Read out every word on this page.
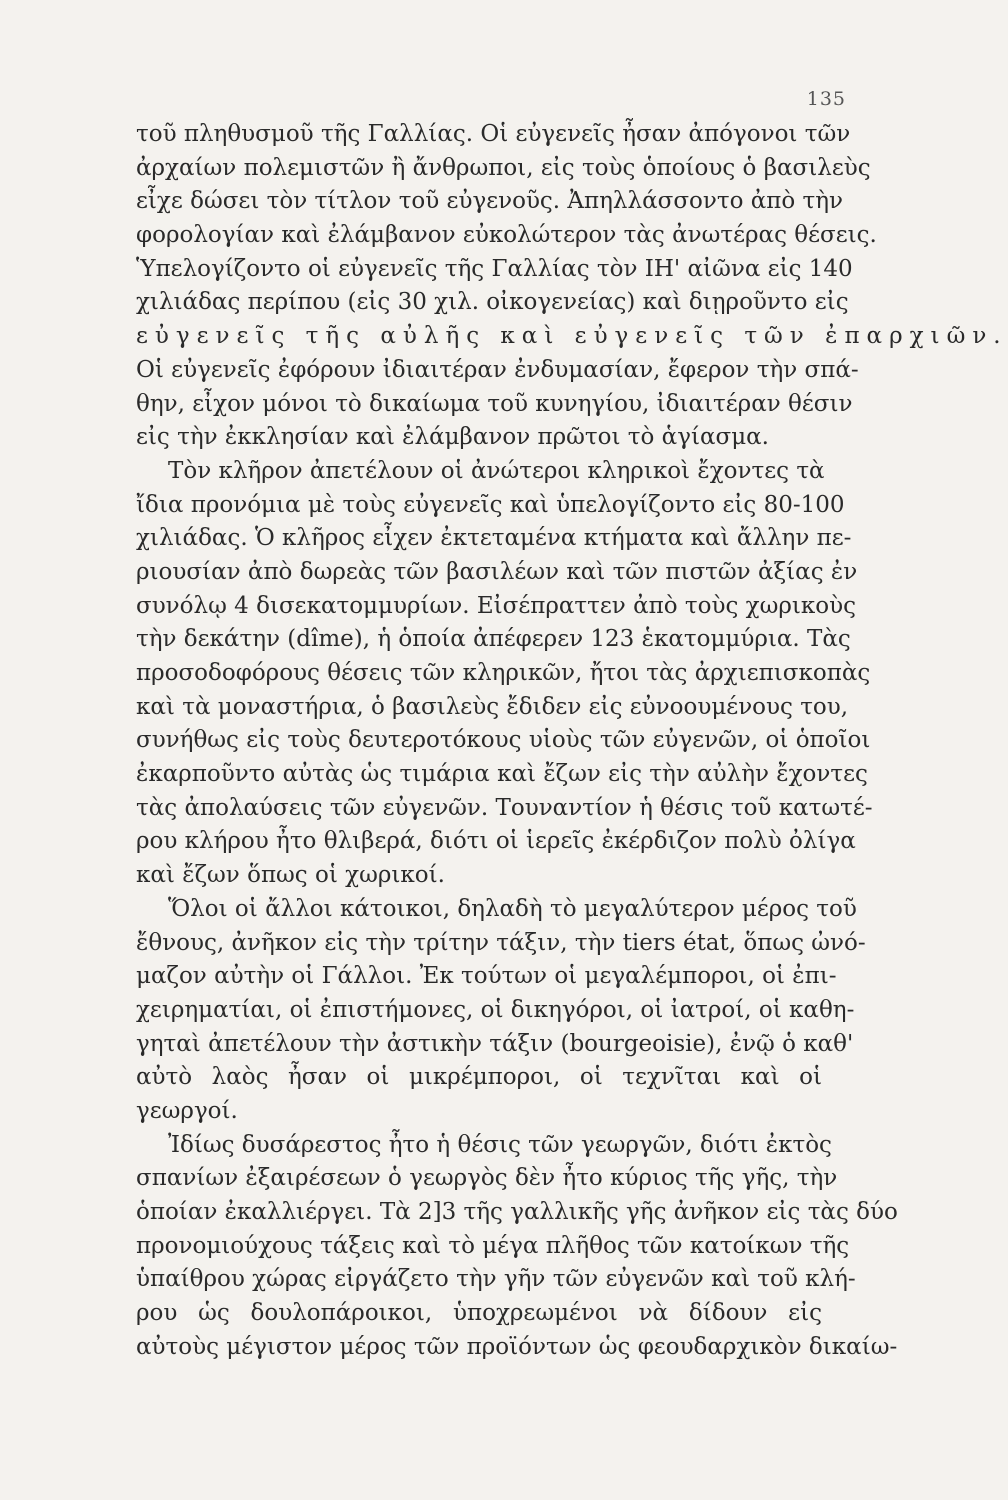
135
τοῦ πληθυσμοῦ τῆς Γαλλίας. Οἱ εὐγενεῖς ἦσαν ἀπόγονοι τῶν
ἀρχαίων πολεμιστῶν ἢ ἄνθρωποι, εἰς τοὺς ὁποίους ὁ βασιλεὺς
εἶχε δώσει τὸν τίτλον τοῦ εὐγενοῦς. Ἀπηλλάσσοντο ἀπὸ τὴν
φορολογίαν καὶ ἐλάμβανον εὐκολώτερον τὰς ἀνωτέρας θέσεις.
Ὑπελογίζοντο οἱ εὐγενεῖς τῆς Γαλλίας τὸν ΙΗ' αἰῶνα εἰς 140
χιλιάδας περίπου (εἰς 30 χιλ. οἰκογενείας) καὶ διῃροῦντο εἰς
εὐγενεῖς τῆς αὐλῆς καὶ εὐγενεῖς τῶν ἐπαρχιῶν.
Οἱ εὐγενεῖς ἐφόρουν ἰδιαιτέραν ἐνδυμασίαν, ἔφερον τὴν σπά-
θην, εἶχον μόνοι τὸ δικαίωμα τοῦ κυνηγίου, ἰδιαιτέραν θέσιν
εἰς τὴν ἐκκλησίαν καὶ ἐλάμβανον πρῶτοι τὸ ἁγίασμα.
Τὸν κλῆρον ἀπετέλουν οἱ ἀνώτεροι κληρικοὶ ἔχοντες τὰ
ἴδια προνόμια μὲ τοὺς εὐγενεῖς καὶ ὑπελογίζοντο εἰς 80-100
χιλιάδας. Ὁ κλῆρος εἶχεν ἐκτεταμένα κτήματα καὶ ἄλλην πε-
ριουσίαν ἀπὸ δωρεὰς τῶν βασιλέων καὶ τῶν πιστῶν ἀξίας ἐν
συνόλῳ 4 δισεκατομμυρίων. Εἰσέπραττεν ἀπὸ τοὺς χωρικοὺς
τὴν δεκάτην (dîme), ἡ ὁποία ἀπέφερεν 123 ἑκατομμύρια. Τὰς
προσοδοφόρους θέσεις τῶν κληρικῶν, ἤτοι τὰς ἀρχιεπισκοπὰς
καὶ τὰ μοναστήρια, ὁ βασιλεὺς ἔδιδεν εἰς εὐνοουμένους του,
συνήθως εἰς τοὺς δευτεροτόκους υἱοὺς τῶν εὐγενῶν, οἱ ὁποῖοι
ἐκαρποῦντο αὐτὰς ὡς τιμάρια καὶ ἔζων εἰς τὴν αὐλὴν ἔχοντες
τὰς ἀπολαύσεις τῶν εὐγενῶν. Τουναντίον ἡ θέσις τοῦ κατωτέ-
ρου κλήρου ἦτο θλιβερά, διότι οἱ ἱερεῖς ἐκέρδιζον πολὺ ὀλίγα
καὶ ἔζων ὅπως οἱ χωρικοί.
Ὅλοι οἱ ἄλλοι κάτοικοι, δηλαδὴ τὸ μεγαλύτερον μέρος τοῦ
ἔθνους, ἀνῆκον εἰς τὴν τρίτην τάξιν, τὴν tiers état, ὅπως ὠνό-
μαζον αὐτὴν οἱ Γάλλοι. Ἐκ τούτων οἱ μεγαλέμποροι, οἱ ἐπι-
χειρηματίαι, οἱ ἐπιστήμονες, οἱ δικηγόροι, οἱ ἰατροί, οἱ καθη-
γηταὶ ἀπετέλουν τὴν ἀστικὴν τάξιν (bourgeoisie), ἐνῷ ὁ καθ'
αὐτὸ λαὸς ἦσαν οἱ μικρέμποροι, οἱ τεχνῖται καὶ οἱ
γεωργοί.
Ἰδίως δυσάρεστος ἦτο ἡ θέσις τῶν γεωργῶν, διότι ἐκτὸς
σπανίων ἐξαιρέσεων ὁ γεωργὸς δὲν ἦτο κύριος τῆς γῆς, τὴν
ὁποίαν ἐκαλλιέργει. Τὰ 2]3 τῆς γαλλικῆς γῆς ἀνῆκον εἰς τὰς δύο
προνομιούχους τάξεις καὶ τὸ μέγα πλῆθος τῶν κατοίκων τῆς
ὑπαίθρου χώρας εἰργάζετο τὴν γῆν τῶν εὐγενῶν καὶ τοῦ κλή-
ρου ὡς δουλοπάροικοι, ὑποχρεωμένοι νὰ δίδουν εἰς
αὐτοὺς μέγιστον μέρος τῶν προϊόντων ὡς φεουδαρχικὸν δικαίω-
